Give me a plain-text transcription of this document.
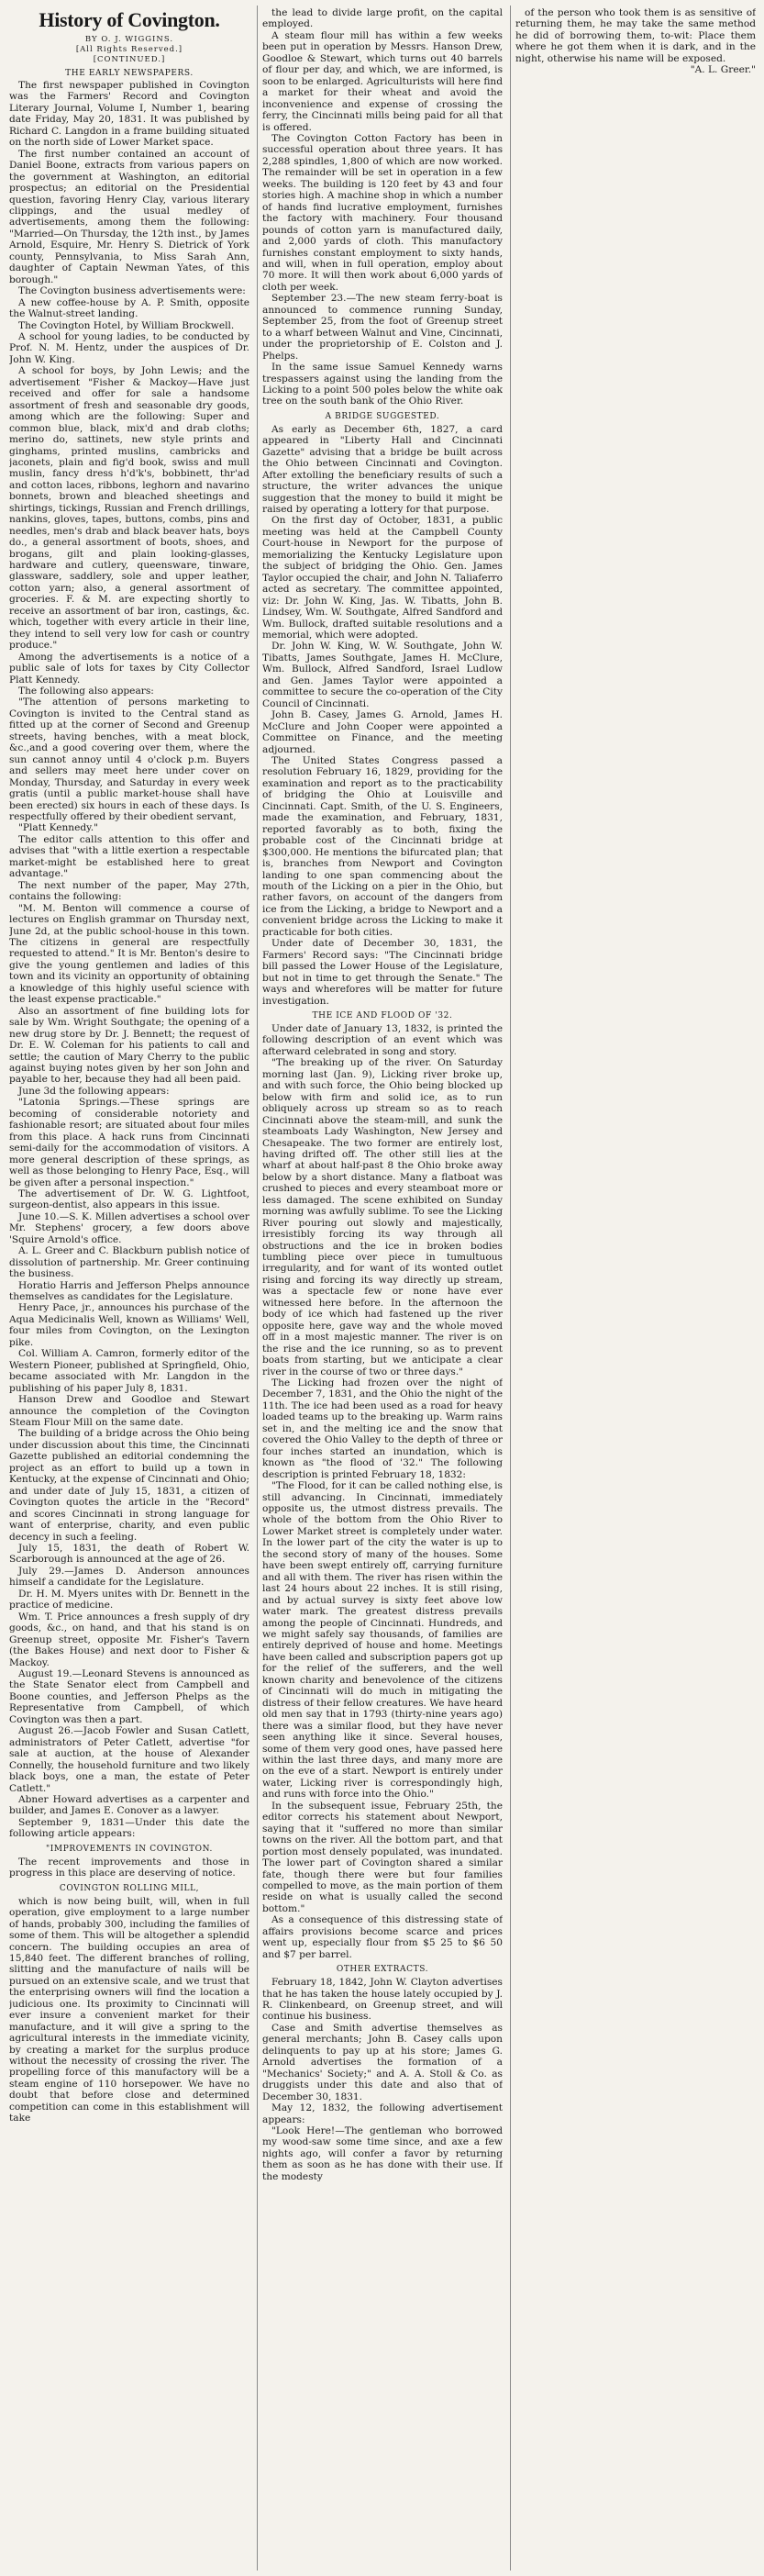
History of Covington.
BY O. J. WIGGINS.
[All Rights Reserved.]
[CONTINUED.]
THE EARLY NEWSPAPERS.

The first newspaper published in Covington was the Farmers' Record and Covington Literary Journal, Volume I, Number 1, bearing date Friday, May 20, 1831. It was published by Richard C. Langdon in a frame building situated on the north side of Lower Market space.

The first number contained an account of Daniel Boone, extracts from various papers on the government at Washington, an editorial prospectus; an editorial on the Presidential question, favoring Henry Clay, various literary clippings, and the usual medley of advertisements, among them the following: "Married—On Thursday, the 12th inst., by James Arnold, Esquire, Mr. Henry S. Dietrick of York county, Pennsylvania, to Miss Sarah Ann, daughter of Captain Newman Yates, of this borough."

The Covington business advertisements were:

A new coffee-house by A. P. Smith, opposite the Walnut-street landing.

The Covington Hotel, by William Brockwell.

A school for young ladies, to be conducted by Prof. N. M. Hentz, under the auspices of Dr. John W. King.

A school for boys, by John Lewis; and the advertisement "Fisher & Mackoy—Have just received and offer for sale a handsome assortment of fresh and seasonable dry goods, among which are the following: Super and common blue, black, mix'd and drab cloths; merino do, sattinets, new style prints and ginghams, printed muslins, cambricks and jaconets, plain and fig'd book, swiss and mull muslin, fancy dress h'd'k's, bobbinett, thr'ad and cotton laces, ribbons, leghorn and navarino bonnets, brown and bleached sheetings and shirtings, tickings, Russian and French drillings, nankins, gloves, tapes, buttons, combs, pins and needles, men's drab and black beaver hats, boys do., a general assortment of boots, shoes, and brogans, gilt and plain looking-glasses, hardware and cutlery, queensware, tinware, glassware, saddlery, sole and upper leather, cotton yarn; also, a general assortment of groceries. F. & M. are expecting shortly to receive an assortment of bar iron, castings, &c. which, together with every article in their line, they intend to sell very low for cash or country produce."

Among the advertisements is a notice of a public sale of lots for taxes by City Collector Platt Kennedy.

The following also appears:

"The attention of persons marketing to Covington is invited to the Central stand as fitted up at the corner of Second and Greenup streets, having benches, with a meat block, &c.,and a good covering over them, where the sun cannot annoy until 4 o'clock p.m. Buyers and sellers may meet here under cover on Monday, Thursday, and Saturday in every week gratis (until a public market-house shall have been erected) six hours in each of these days. Is respectfully offered by their obedient servant,

"Platt Kennedy."

The editor calls attention to this offer and advises that "with a little exertion a respectable market-might be established here to great advantage."

The next number of the paper, May 27th, contains the following:

"M. M. Benton will commence a course of lectures on English grammar on Thursday next, June 2d, at the public school-house in this town. The citizens in general are respectfully requested to attend." It is Mr. Benton's desire to give the young gentlemen and ladies of this town and its vicinity an opportunity of obtaining a knowledge of this highly useful science with the least expense practicable."

Also an assortment of fine building lots for sale by Wm. Wright Southgate; the opening of a new drug store by Dr. J. Bennett; the request of Dr. E. W. Coleman for his patients to call and settle; the caution of Mary Cherry to the public against buying notes given by her son John and payable to her, because they had all been paid.

June 3d the following appears:

"Latonia Springs.—These springs are becoming of considerable notoriety and fashionable resort; are situated about four miles from this place. A hack runs from Cincinnati semi-daily for the accommodation of visitors. A more general description of these springs, as well as those belonging to Henry Pace, Esq., will be given after a personal inspection."

The advertisement of Dr. W. G. Lightfoot, surgeon-dentist, also appears in this issue.

June 10.—S. K. Millen advertises a school over Mr. Stephens' grocery, a few doors above 'Squire Arnold's office.

A. L. Greer and C. Blackburn publish notice of dissolution of partnership. Mr. Greer continuing the business.

Horatio Harris and Jefferson Phelps announce themselves as candidates for the Legislature.

Henry Pace, jr., announces his purchase of the Aqua Medicinalis Well, known as Williams' Well, four miles from Covington, on the Lexington pike.

Col. William A. Camron, formerly editor of the Western Pioneer, published at Springfield, Ohio, became associated with Mr. Langdon in the publishing of his paper July 8, 1831.

Hanson Drew and Goodloe and Stewart announce the completion of the Covington Steam Flour Mill on the same date.

The building of a bridge across the Ohio being under discussion about this time, the Cincinnati Gazette published an editorial condemning the project as an effort to build up a town in Kentucky, at the expense of Cincinnati and Ohio; and under date of July 15, 1831, a citizen of Covington quotes the article in the "Record" and scores Cincinnati in strong language for want of enterprise, charity, and even public decency in such a feeling.

July 15, 1831, the death of Robert W. Scarborough is announced at the age of 26.

July 29.—James D. Anderson announces himself a candidate for the Legislature.

Dr. H. M. Myers unites with Dr. Bennett in the practice of medicine.

Wm. T. Price announces a fresh supply of dry goods, &c., on hand, and that his stand is on Greenup street, opposite Mr. Fisher's Tavern (the Bakes House) and next door to Fisher & Mackoy.

August 19.—Leonard Stevens is announced as the State Senator elect from Campbell and Boone counties, and Jefferson Phelps as the Representative from Campbell, of which Covington was then a part.

August 26.—Jacob Fowler and Susan Catlett, administrators of Peter Catlett, advertise "for sale at auction, at the house of Alexander Connelly, the household furniture and two likely black boys, one a man, the estate of Peter Catlett."

Abner Howard advertises as a carpenter and builder, and James E. Conover as a lawyer.

September 9, 1831—Under this date the following article appears:

"IMPROVEMENTS IN COVINGTON.

The recent improvements and those in progress in this place are deserving of notice.

COVINGTON ROLLING MILL,

which is now being built, will, when in full operation, give employment to a large number of hands, probably 300, including the families of some of them. This will be altogether a splendid concern. The building occupies an area of 15,840 feet. The different branches of rolling, slitting and the manufacture of nails will be pursued on an extensive scale, and we trust that the enterprising owners will find the location a judicious one. Its proximity to Cincinnati will ever insure a convenient market for their manufacture, and it will give a spring to the agricultural interests in the immediate vicinity, by creating a market for the surplus produce without the necessity of crossing the river. The propelling force of this manufactory will be a steam engine of 110 horsepower. We have no doubt that before close and determined competition can come in this establishment will take

the lead to divide large profit, on the capital employed.

A steam flour mill has within a few weeks been put in operation by Messrs. Hanson Drew, Goodloe & Stewart, which turns out 40 barrels of flour per day, and which, we are informed, is soon to be enlarged. Agriculturists will here find a market for their wheat and avoid the inconvenience and expense of crossing the ferry, the Cincinnati mills being paid for all that is offered.

The Covington Cotton Factory has been in successful operation about three years. It has 2,288 spindles, 1,800 of which are now worked. The remainder will be set in operation in a few weeks. The building is 120 feet by 43 and four stories high. A machine shop in which a number of hands find lucrative employment, furnishes the factory with machinery. Four thousand pounds of cotton yarn is manufactured daily, and 2,000 yards of cloth. This manufactory furnishes constant employment to sixty hands, and will, when in full operation, employ about 70 more. It will then work about 6,000 yards of cloth per week.

September 23.—The new steam ferry-boat is announced to commence running Sunday, September 25, from the foot of Greenup street to a wharf between Walnut and Vine, Cincinnati, under the proprietorship of E. Colston and J. Phelps.

In the same issue Samuel Kennedy warns trespassers against using the landing from the Licking to a point 500 poles below the white oak tree on the south bank of the Ohio River.

A BRIDGE SUGGESTED.

As early as December 6th, 1827, a card appeared in "Liberty Hall and Cincinnati Gazette" advising that a bridge be built across the Ohio between Cincinnati and Covington. After extolling the beneficiary results of such a structure, the writer advances the unique suggestion that the money to build it might be raised by operating a lottery for that purpose.

On the first day of October, 1831, a public meeting was held at the Campbell County Court-house in Newport for the purpose of memorializing the Kentucky Legislature upon the subject of bridging the Ohio. Gen. James Taylor occupied the chair, and John N. Taliaferro acted as secretary. The committee appointed, viz: Dr. John W. King, Jas. W. Tibatts, John B. Lindsey, Wm. W. Southgate, Alfred Sandford and Wm. Bullock, drafted suitable resolutions and a memorial, which were adopted.

Dr. John W. King, W. W. Southgate, John W. Tibatts, James Southgate, James H. McClure, Wm. Bullock, Alfred Sandford, Israel Ludlow and Gen. James Taylor were appointed a committee to secure the co-operation of the City Council of Cincinnati.

John B. Casey, James G. Arnold, James H. McClure and John Cooper were appointed a Committee on Finance, and the meeting adjourned.

The United States Congress passed a resolution February 16, 1829, providing for the examination and report as to the practicability of bridging the Ohio at Louisville and Cincinnati. Capt. Smith, of the U. S. Engineers, made the examination, and February, 1831, reported favorably as to both, fixing the probable cost of the Cincinnati bridge at $300,000. He mentions the bifurcated plan; that is, branches from Newport and Covington landing to one span commencing about the mouth of the Licking on a pier in the Ohio, but rather favors, on account of the dangers from ice from the Licking, a bridge to Newport and a convenient bridge across the Licking to make it practicable for both cities.

Under date of December 30, 1831, the Farmers' Record says: "The Cincinnati bridge bill passed the Lower House of the Legislature, but not in time to get through the Senate." The ways and wherefores will be matter for future investigation.

THE ICE AND FLOOD OF '32.

Under date of January 13, 1832, is printed the following description of an event which was afterward celebrated in song and story.

"The breaking up of the river. On Saturday morning last (Jan. 9), Licking river broke up, and with such force, the Ohio being blocked up below with firm and solid ice, as to run obliquely across up stream so as to reach Cincinnati above the steam-mill, and sunk the steamboats Lady Washington, New Jersey and Chesapeake. The two former are entirely lost, having drifted off. The other still lies at the wharf at about half-past 8 the Ohio broke away below by a short distance. Many a flatboat was crushed to pieces and every steamboat more or less damaged. The scene exhibited on Sunday morning was awfully sublime. To see the Licking River pouring out slowly and majestically, irresistibly forcing its way through all obstructions and the ice in broken bodies tumbling piece over piece in tumultuous irregularity, and for want of its wonted outlet rising and forcing its way directly up stream, was a spectacle few or none have ever witnessed here before. In the afternoon the body of ice which had fastened up the river opposite here, gave way and the whole moved off in a most majestic manner. The river is on the rise and the ice running, so as to prevent boats from starting, but we anticipate a clear river in the course of two or three days."

The Licking had frozen over the night of December 7, 1831, and the Ohio the night of the 11th. The ice had been used as a road for heavy loaded teams up to the breaking up. Warm rains set in, and the melting ice and the snow that covered the Ohio Valley to the depth of three or four inches started an inundation, which is known as "the flood of '32." The following description is printed February 18, 1832:

"The Flood, for it can be called nothing else, is still advancing. In Cincinnati, immediately opposite us, the utmost distress prevails. The whole of the bottom from the Ohio River to Lower Market street is completely under water. In the lower part of the city the water is up to the second story of many of the houses. Some have been swept entirely off, carrying furniture and all with them. The river has risen within the last 24 hours about 22 inches. It is still rising, and by actual survey is sixty feet above low water mark. The greatest distress prevails among the people of Cincinnati. Hundreds, and we might safely say thousands, of families are entirely deprived of house and home. Meetings have been called and subscription papers got up for the relief of the sufferers, and the well known charity and benevolence of the citizens of Cincinnati will do much in mitigating the distress of their fellow creatures. We have heard old men say that in 1793 (thirty-nine years ago) there was a similar flood, but they have never seen anything like it since. Several houses, some of them very good ones, have passed here within the last three days, and many more are on the eve of a start. Newport is entirely under water, Licking river is correspondingly high, and runs with force into the Ohio."

In the subsequent issue, February 25th, the editor corrects his statement about Newport, saying that it "suffered no more than similar towns on the river. All the bottom part, and that portion most densely populated, was inundated. The lower part of Covington shared a similar fate, though there were but four families compelled to move, as the main portion of them reside on what is usually called the second bottom."

As a consequence of this distressing state of affairs provisions become scarce and prices went up, especially flour from $5 25 to $6 50 and $7 per barrel.

OTHER EXTRACTS.

February 18, 1842, John W. Clayton advertises that he has taken the house lately occupied by J. R. Clinkenbeard, on Greenup street, and will continue his business.

Case and Smith advertise themselves as general merchants; John B. Casey calls upon delinquents to pay up at his store; James G. Arnold advertises the formation of a "Mechanics' Society;" and A. A. Stoll & Co. as druggists under this date and also that of December 30, 1831.

May 12, 1832, the following advertisement appears:

"Look Here!—The gentleman who borrowed my wood-saw some time since, and axe a few nights ago, will confer a favor by returning them as soon as he has done with their use. If the modesty

of the person who took them is as sensitive of returning them, he may take the same method he did of borrowing them, to-wit: Place them where he got them when it is dark, and in the night, otherwise his name will be exposed.

"A. L. Greer."
